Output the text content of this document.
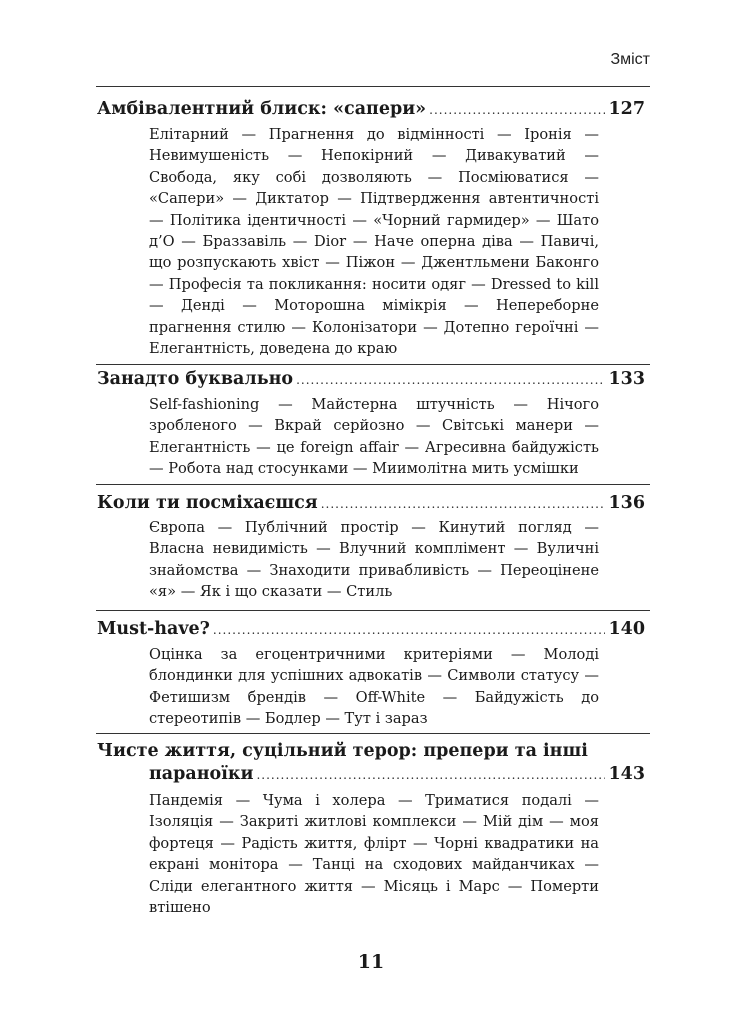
Зміст
Амбівалентний блиск: «сапери» .....	127
Елітарний — Прагнення до відмінності — Іронія — Невимушеність — Непокірний — Дивакуватий — Свобода, яку собі дозволяють — Посміюватися — «Сапери» — Диктатор — Підтвердження автентичності — Політика ідентичності — «Чорний гармидер» — Шато д’О — Браззавіль — Dior — Наче оперна діва — Павичі, що розпускають хвіст — Піжон — Джентльмени Баконго — Професія та покликання: носити одяг — Dressed to kill — Денді — Моторошна мімікрія — Непереборне прагнення стилю — Колонізатори — Дотепно героїчні — Елегантність, доведена до краю
Занадто буквально .....	133
Self-fashioning — Майстерна штучність — Нічого зробленого — Вкрай серйозно — Світські манери — Елегантність — це foreign affair — Агресивна байдужість — Робота над стосунками — Миимолітна мить усмішки
Коли ти посміхаєшся .....	136
Європа — Публічний простір — Кинутий погляд — Власна невидимість — Влучний комплімент — Вуличні знайомства — Знаходити привабливість — Переоцінене «я» — Як і що сказати — Стиль
Must-have? .....	140
Оцінка за егоцентричними критеріями — Молоді блондинки для успішних адвокатів — Символи статусу — Фетишизм брендів — Off-White — Байдужість до стереотипів — Бодлер — Тут і зараз
Чисте життя, суцільний терор: препери та інші
параноїки .....	143
Пандемія — Чума і холера — Триматися подалі — Ізоляція — Закриті житлові комплекси — Мій дім — моя фортеця — Радість життя, флірт — Чорні квадратики на екрані монітора — Танці на сходових майданчиках — Сліди елегантного життя — Місяць і Марс — Померти втішено
11
